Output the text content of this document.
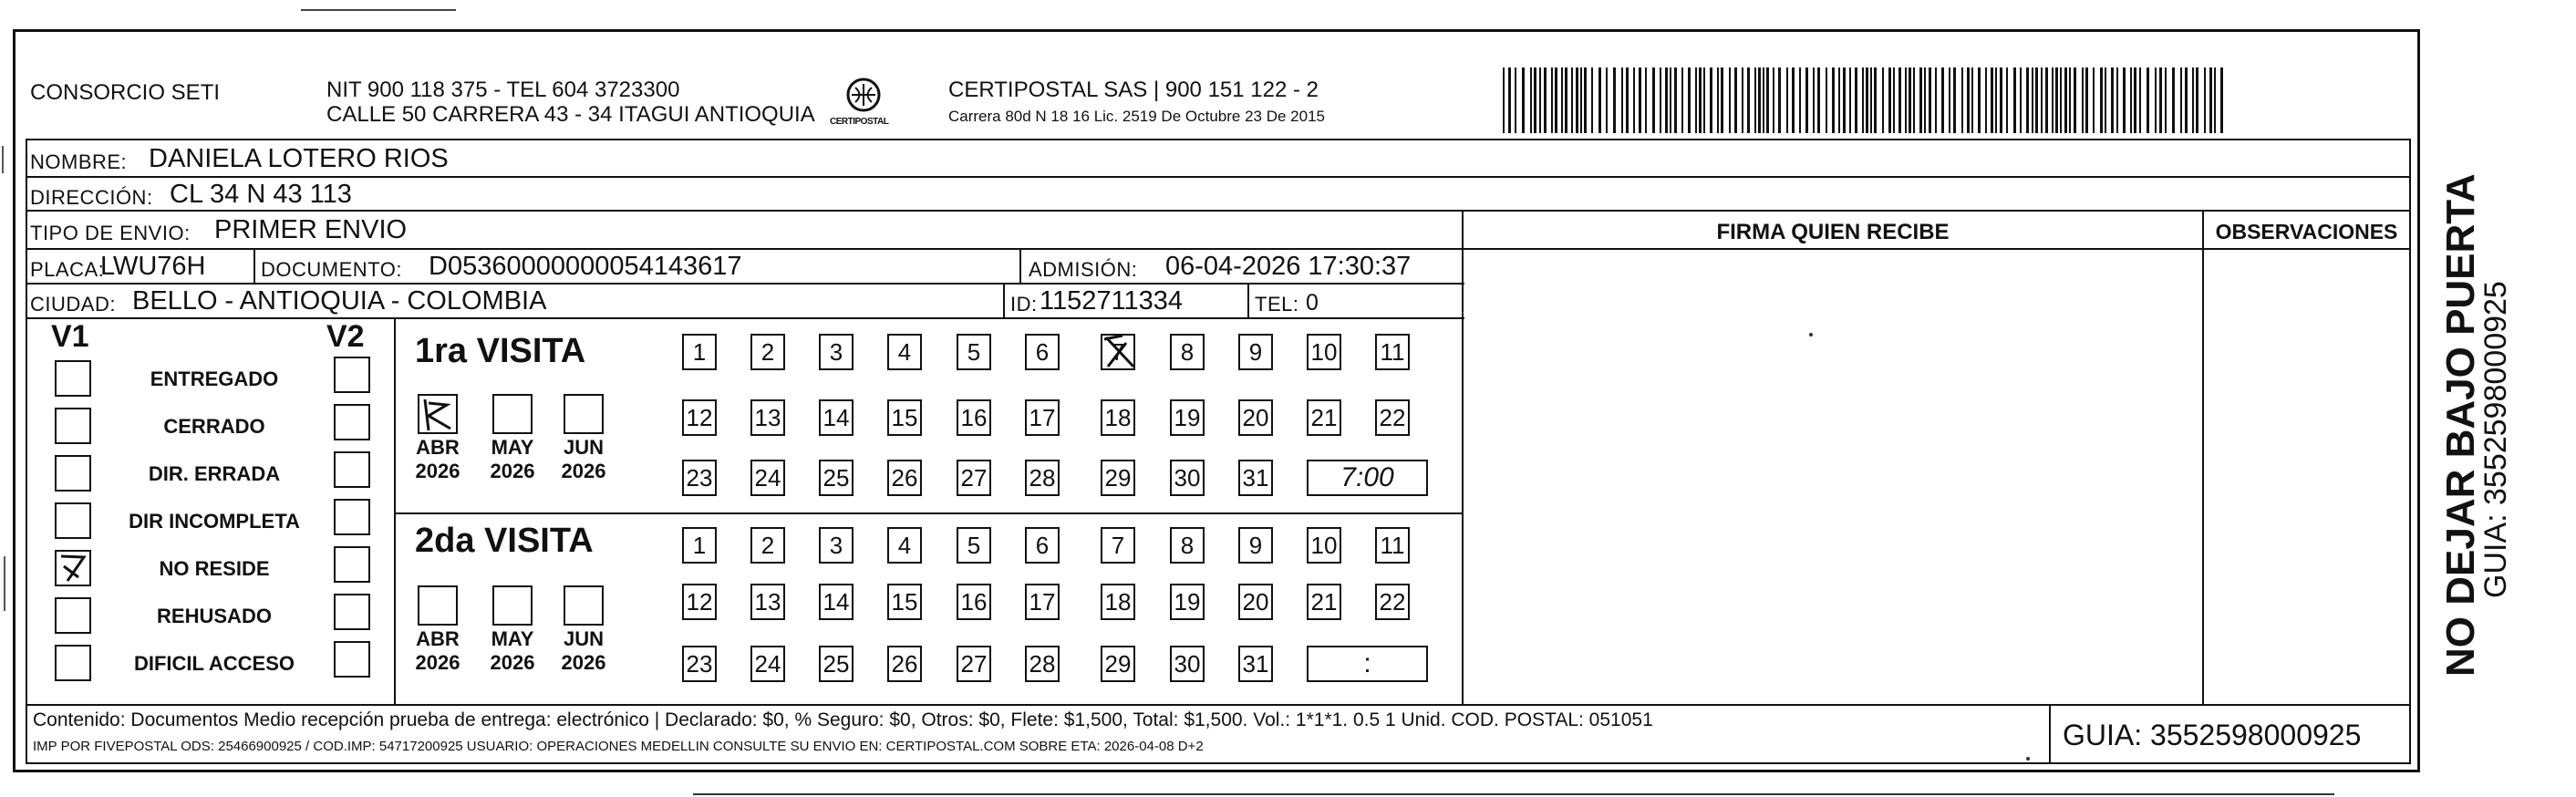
CONSORCIO SETI	NIT 900 118 375 - TEL 604 3723300
CALLE 50 CARRERA 43 - 34 ITAGUI ANTIOQUIA CERTIPOSTAL
CERTIPOSTAL SAS | 900 151 122 - 2
Carrera 80d N 18 16 Lic. 2519 De Octubre 23 De 2015
NOMBRE: DANIELA LOTERO RIOS
DIRECCIÓN: CL 34 N 43 113
TIPO DE ENVIO: PRIMER ENVIO	FIRMA QUIEN RECIBE	OBSERVACIONES
PLACA:
LWU76H	DOCUMENTO: D05360000000054143617	ADMISIÓN: 06-04-2026 17:30:37
CIUDAD: BELLO - ANTIOQUIA - COLOMBIA	ID: 1152711334	TEL: 0
V1	V2
ENTREGADO
CERRADO
DIR. ERRADA
DIR INCOMPLETA
NO RESIDE
REHUSADO
DIFICIL ACCESO
1ra VISITA
ABR
2026
MAY
2026
JUN
2026
1 2 3 4 5 6	7 8 9 10 11
12 13 14 15 16 17 18 19 20 21 22
23 24 25 26 27 28 29 30 31	7:00
2da VISITA
ABR
2026
MAY
2026
JUN
2026
1 2 3 4 5 6	7 8 9 10 11
12 13 14 15 16 17 18 19 20 21 22
23 24 25 26 27 28 29 30 31	:
Contenido: Documentos Medio recepción prueba de entrega: electrónico | Declarado: $0, % Seguro: $0, Otros: $0, Flete: $1,500, Total: $1,500. Vol.: 1*1*1. 0.5 1 Unid. COD. POSTAL: 051051
IMP POR FIVEPOSTAL ODS: 25466900925 / COD.IMP: 54717200925 USUARIO: OPERACIONES MEDELLIN CONSULTE SU ENVIO EN: CERTIPOSTAL.COM SOBRE ETA: 2026-04-08 D+2	GUIA: 3552598000925
NO DEJAR BAJO PUERTA
GUIA: 3552598000925
